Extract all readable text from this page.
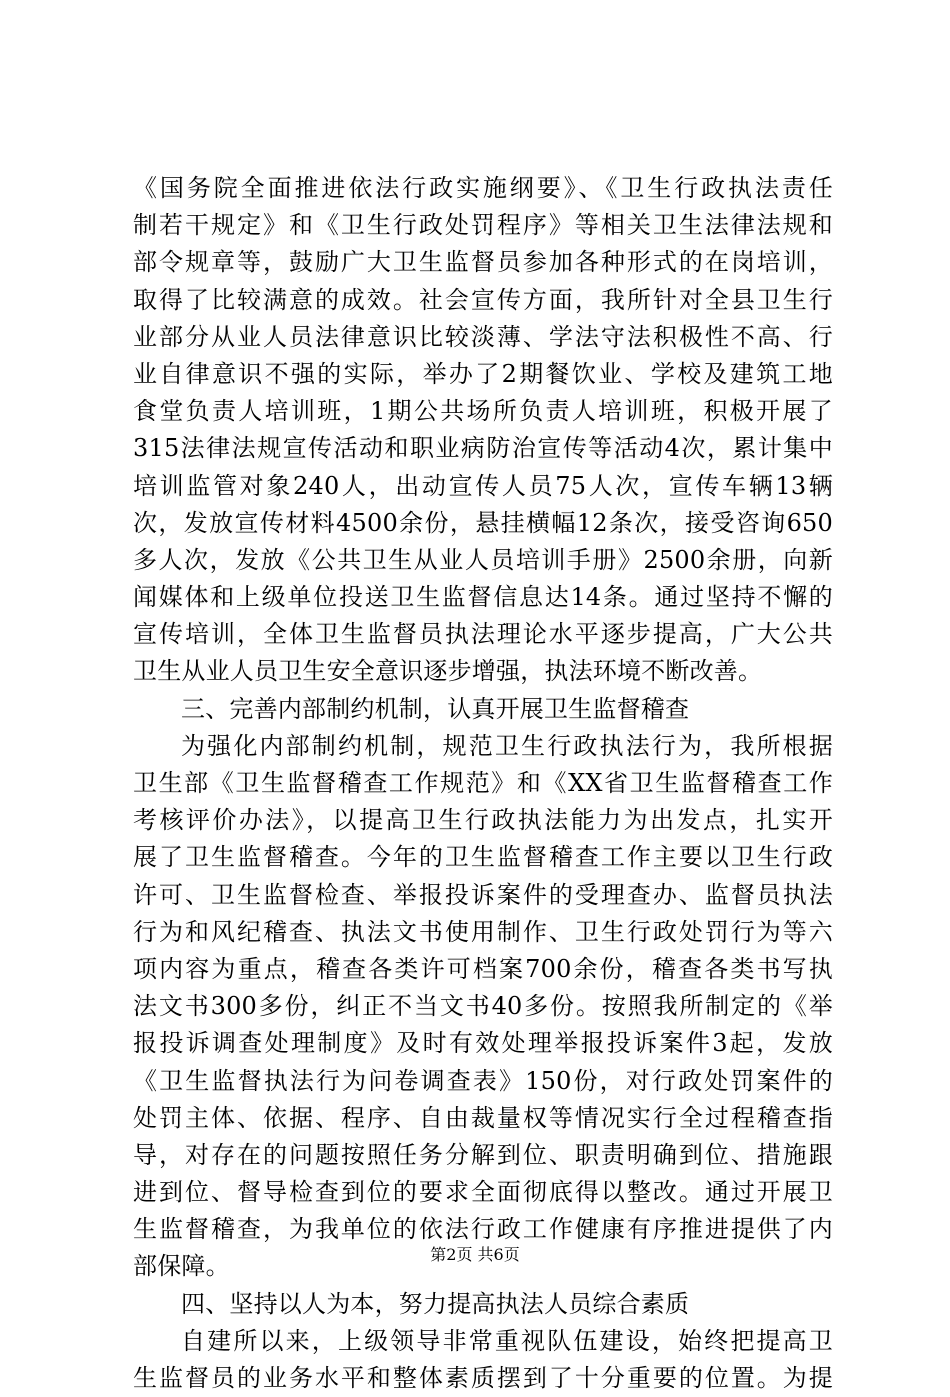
《国务院全面推进依法行政实施纲要》、《卫生行政执法责任
制若干规定》和《卫生行政处罚程序》等相关卫生法律法规和
部令规章等，鼓励广大卫生监督员参加各种形式的在岗培训，
取得了比较满意的成效。社会宣传方面，我所针对全县卫生行
业部分从业人员法律意识比较淡薄、学法守法积极性不高、行
业自律意识不强的实际，举办了2期餐饮业、学校及建筑工地
食堂负责人培训班，1期公共场所负责人培训班，积极开展了
315法律法规宣传活动和职业病防治宣传等活动4次，累计集中
培训监管对象240人，出动宣传人员75人次，宣传车辆13辆
次，发放宣传材料4500余份，悬挂横幅12条次，接受咨询650
多人次，发放《公共卫生从业人员培训手册》2500余册，向新
闻媒体和上级单位投送卫生监督信息达14条。通过坚持不懈的
宣传培训，全体卫生监督员执法理论水平逐步提高，广大公共
卫生从业人员卫生安全意识逐步增强，执法环境不断改善。
三、完善内部制约机制，认真开展卫生监督稽查
为强化内部制约机制，规范卫生行政执法行为，我所根据
卫生部《卫生监督稽查工作规范》和《XX省卫生监督稽查工作
考核评价办法》，以提高卫生行政执法能力为出发点，扎实开
展了卫生监督稽查。今年的卫生监督稽查工作主要以卫生行政
许可、卫生监督检查、举报投诉案件的受理查办、监督员执法
行为和风纪稽查、执法文书使用制作、卫生行政处罚行为等六
项内容为重点，稽查各类许可档案700余份，稽查各类书写执
法文书300多份，纠正不当文书40多份。按照我所制定的《举
报投诉调查处理制度》及时有效处理举报投诉案件3起，发放
《卫生监督执法行为问卷调查表》150份，对行政处罚案件的
处罚主体、依据、程序、自由裁量权等情况实行全过程稽查指
导，对存在的问题按照任务分解到位、职责明确到位、措施跟
进到位、督导检查到位的要求全面彻底得以整改。通过开展卫
生监督稽查，为我单位的依法行政工作健康有序推进提供了内
部保障。
四、坚持以人为本，努力提高执法人员综合素质
自建所以来，上级领导非常重视队伍建设，始终把提高卫
生监督员的业务水平和整体素质摆到了十分重要的位置。为提
第2页 共6页
